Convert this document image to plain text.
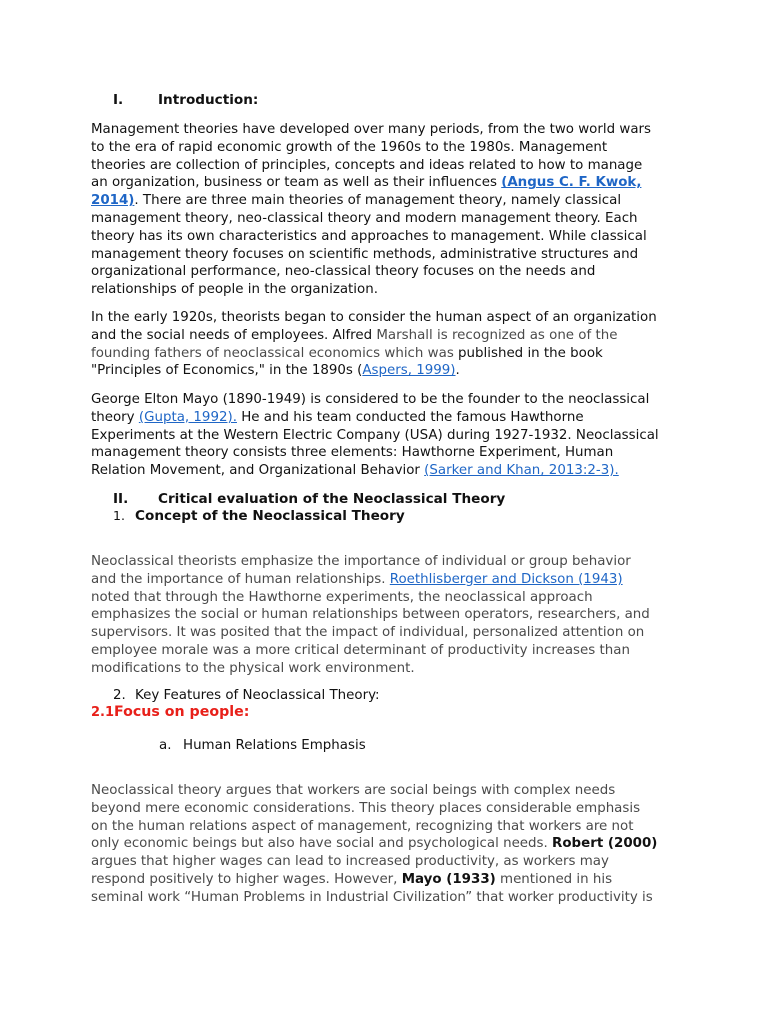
I.	Introduction:

Management theories have developed over many periods, from the two world wars
to the era of rapid economic growth of the 1960s to the 1980s. Management
theories are collection of principles, concepts and ideas related to how to manage
an organization, business or team as well as their influences (Angus C. F. Kwok,
2014). There are three main theories of management theory, namely classical
management theory, neo-classical theory and modern management theory. Each
theory has its own characteristics and approaches to management. While classical
management theory focuses on scientific methods, administrative structures and
organizational performance, neo-classical theory focuses on the needs and
relationships of people in the organization.

In the early 1920s, theorists began to consider the human aspect of an organization
and the social needs of employees. Alfred Marshall is recognized as one of the
founding fathers of neoclassical economics which was published in the book
"Principles of Economics," in the 1890s (Aspers, 1999).

George Elton Mayo (1890-1949) is considered to be the founder to the neoclassical
theory (Gupta, 1992). He and his team conducted the famous Hawthorne
Experiments at the Western Electric Company (USA) during 1927-1932. Neoclassical
management theory consists three elements: Hawthorne Experiment, Human
Relation Movement, and Organizational Behavior (Sarker and Khan, 2013:2-3).

II. Critical evaluation of the Neoclassical Theory
1. Concept of the Neoclassical Theory

Neoclassical theorists emphasize the importance of individual or group behavior
and the importance of human relationships. Roethlisberger and Dickson (1943)
noted that through the Hawthorne experiments, the neoclassical approach
emphasizes the social or human relationships between operators, researchers, and
supervisors. It was posited that the impact of individual, personalized attention on
employee morale was a more critical determinant of productivity increases than
modifications to the physical work environment.

2. Key Features of Neoclassical Theory:
2.1Focus on people:
a. Human Relations Emphasis

Neoclassical theory argues that workers are social beings with complex needs
beyond mere economic considerations. This theory places considerable emphasis
on the human relations aspect of management, recognizing that workers are not
only economic beings but also have social and psychological needs. Robert (2000)
argues that higher wages can lead to increased productivity, as workers may
respond positively to higher wages. However, Mayo (1933) mentioned in his
seminal work “Human Problems in Industrial Civilization” that worker productivity is
